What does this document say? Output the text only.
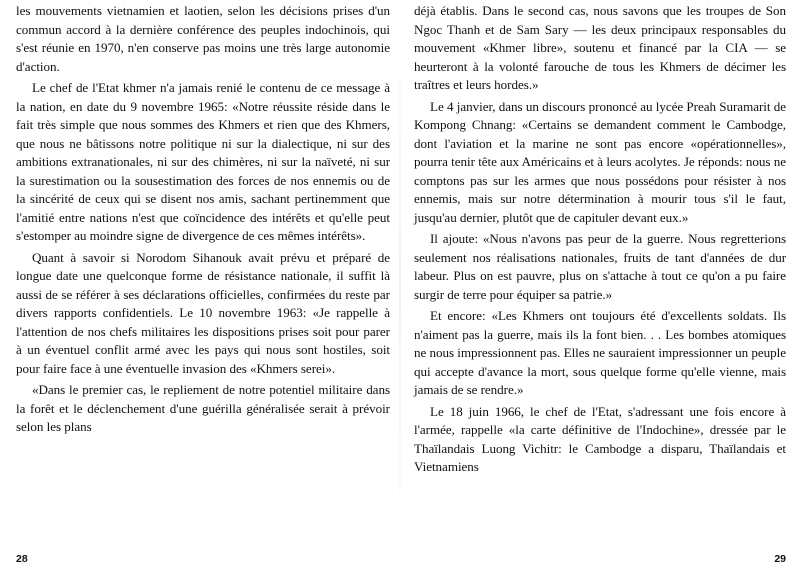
les mouvements vietnamien et laotien, selon les décisions prises d'un commun accord à la dernière conférence des peuples indochinois, qui s'est réunie en 1970, n'en conserve pas moins une très large autonomie d'action.

Le chef de l'Etat khmer n'a jamais renié le contenu de ce message à la nation, en date du 9 novembre 1965: «Notre réussite réside dans le fait très simple que nous sommes des Khmers et rien que des Khmers, que nous ne bâtissons notre politique ni sur la dialectique, ni sur des ambitions extranationales, ni sur des chimères, ni sur la naïveté, ni sur la surestimation ou la sousestimation des forces de nos ennemis ou de la sincérité de ceux qui se disent nos amis, sachant pertinemment que l'amitié entre nations n'est que coïncidence des intérêts et qu'elle peut s'estomper au moindre signe de divergence de ces mêmes intérêts».

Quant à savoir si Norodom Sihanouk avait prévu et préparé de longue date une quelconque forme de résistance nationale, il suffit là aussi de se référer à ses déclarations officielles, confirmées du reste par divers rapports confidentiels. Le 10 novembre 1963: «Je rappelle à l'attention de nos chefs militaires les dispositions prises soit pour parer à un éventuel conflit armé avec les pays qui nous sont hostiles, soit pour faire face à une éventuelle invasion des «Khmers serei».

«Dans le premier cas, le repliement de notre potentiel militaire dans la forêt et le déclenchement d'une guérilla généralisée serait à prévoir selon les plans

28

déjà établis. Dans le second cas, nous savons que les troupes de Son Ngoc Thanh et de Sam Sary — les deux principaux responsables du mouvement «Khmer libre», soutenu et financé par la CIA — se heurteront à la volonté farouche de tous les Khmers de décimer les traîtres et leurs hordes.»

Le 4 janvier, dans un discours prononcé au lycée Preah Suramarit de Kompong Chnang: «Certains se demandent comment le Cambodge, dont l'aviation et la marine ne sont pas encore «opérationnelles», pourra tenir tête aux Américains et à leurs acolytes. Je réponds: nous ne comptons pas sur les armes que nous possédons pour résister à nos ennemis, mais sur notre détermination à mourir tous s'il le faut, jusqu'au dernier, plutôt que de capituler devant eux.»

Il ajoute: «Nous n'avons pas peur de la guerre. Nous regretterions seulement nos réalisations nationales, fruits de tant d'années de dur labeur. Plus on est pauvre, plus on s'attache à tout ce qu'on a pu faire surgir de terre pour équiper sa patrie.»

Et encore: «Les Khmers ont toujours été d'excellents soldats. Ils n'aiment pas la guerre, mais ils la font bien. . . Les bombes atomiques ne nous impressionnent pas. Elles ne sauraient impressionner un peuple qui accepte d'avance la mort, sous quelque forme qu'elle vienne, mais jamais de se rendre.»

Le 18 juin 1966, le chef de l'Etat, s'adressant une fois encore à l'armée, rappelle «la carte définitive de l'Indochine», dressée par le Thaïlandais Luong Vichitr: le Cambodge a disparu, Thaïlandais et Vietnamiens

29
